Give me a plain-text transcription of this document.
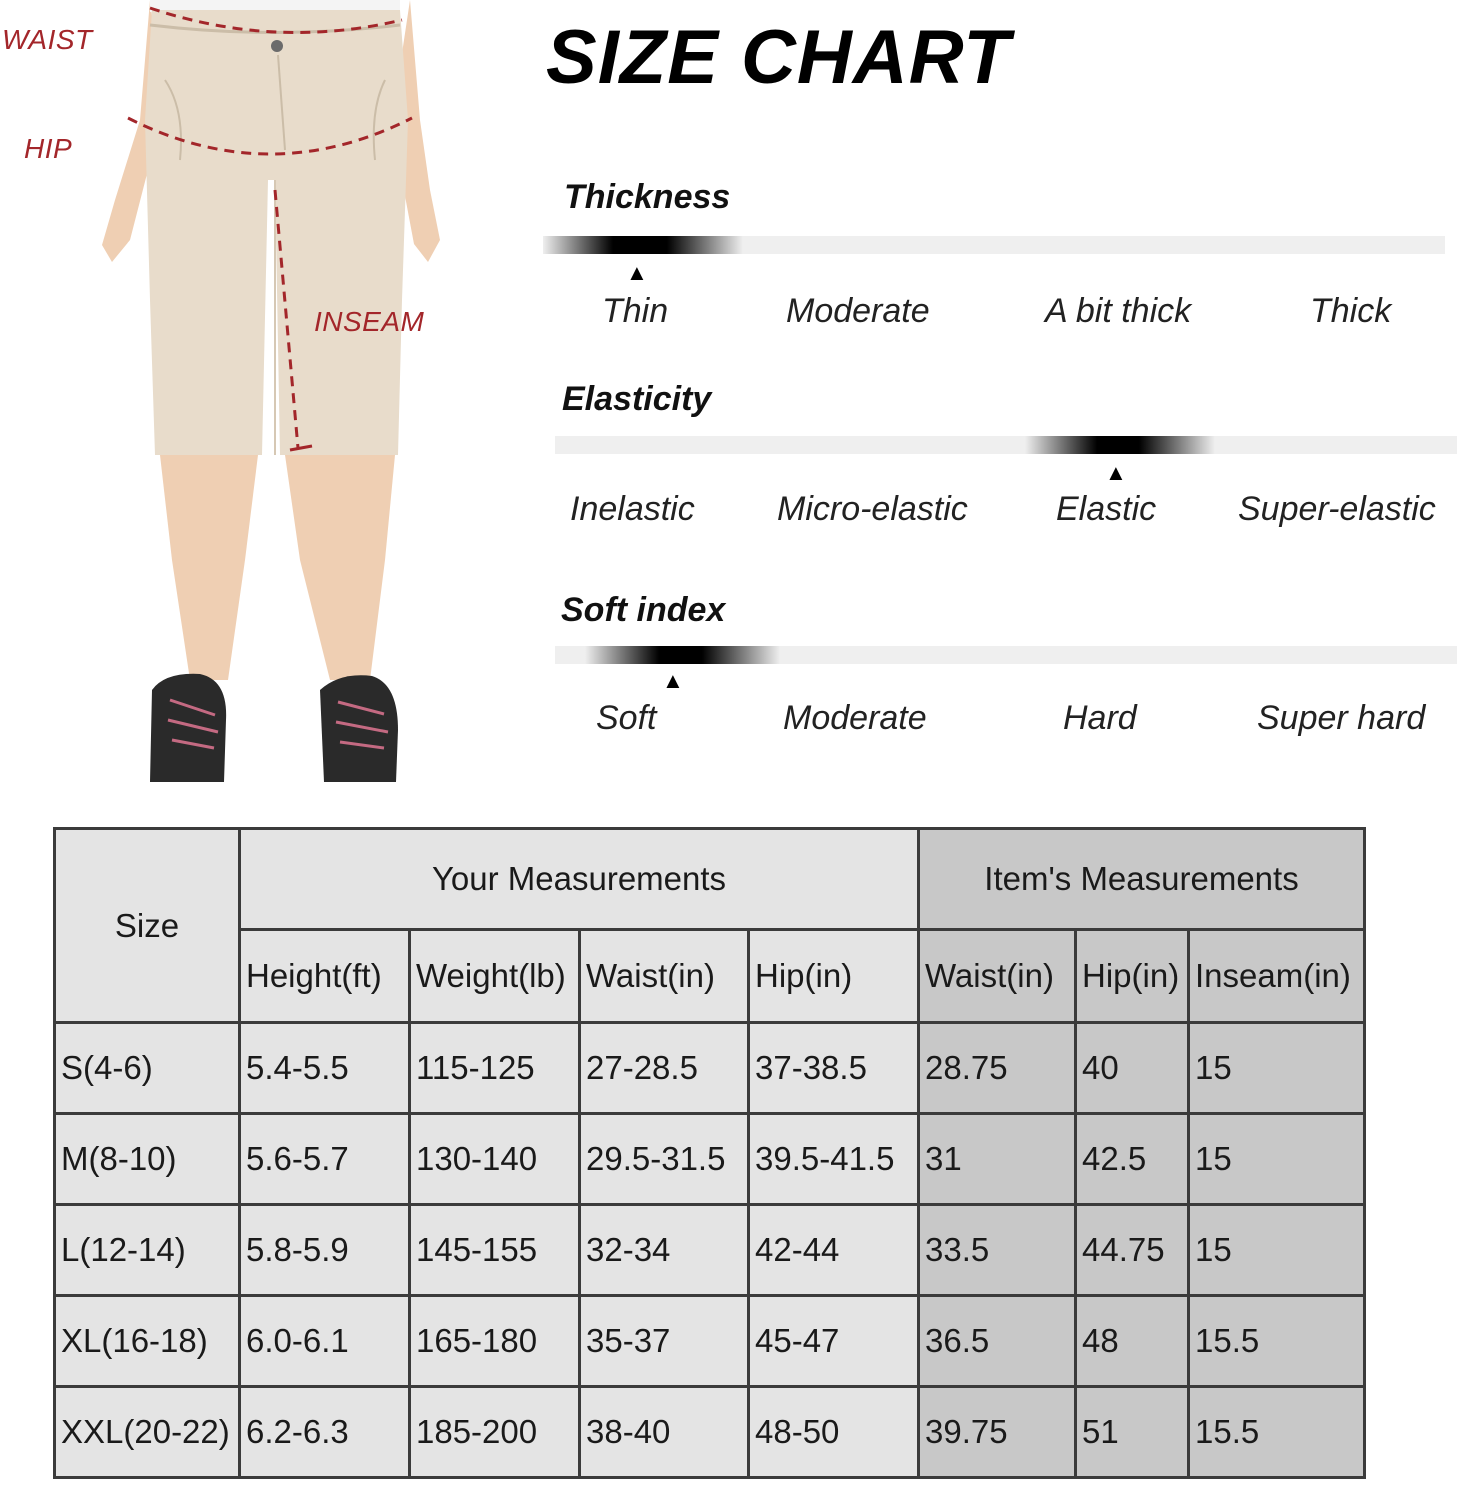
WAIST
HIP
INSEAM
SIZE CHART
Thickness
▲
Thin	Moderate	A bit thick	Thick
Elasticity
▲
Inelastic Micro-elastic	Elastic Super-elastic
Soft index
▲
Soft	Moderate	Hard	Super hard
Size	Your Measurements				Item's Measurements		
	Height(ft)	Weight(lb)	Waist(in)	Hip(in)	Waist(in)	Hip(in)	Inseam(in)
S(4-6)	5.4-5.5	115-125	27-28.5	37-38.5	28.75	40	15
M(8-10)	5.6-5.7	130-140	29.5-31.5	39.5-41.5	31	42.5	15
L(12-14)	5.8-5.9	145-155	32-34	42-44	33.5	44.75	15
XL(16-18)	6.0-6.1	165-180	35-37	45-47	36.5	48	15.5
XXL(20-22)	6.2-6.3	185-200	38-40	48-50	39.75	51	15.5
